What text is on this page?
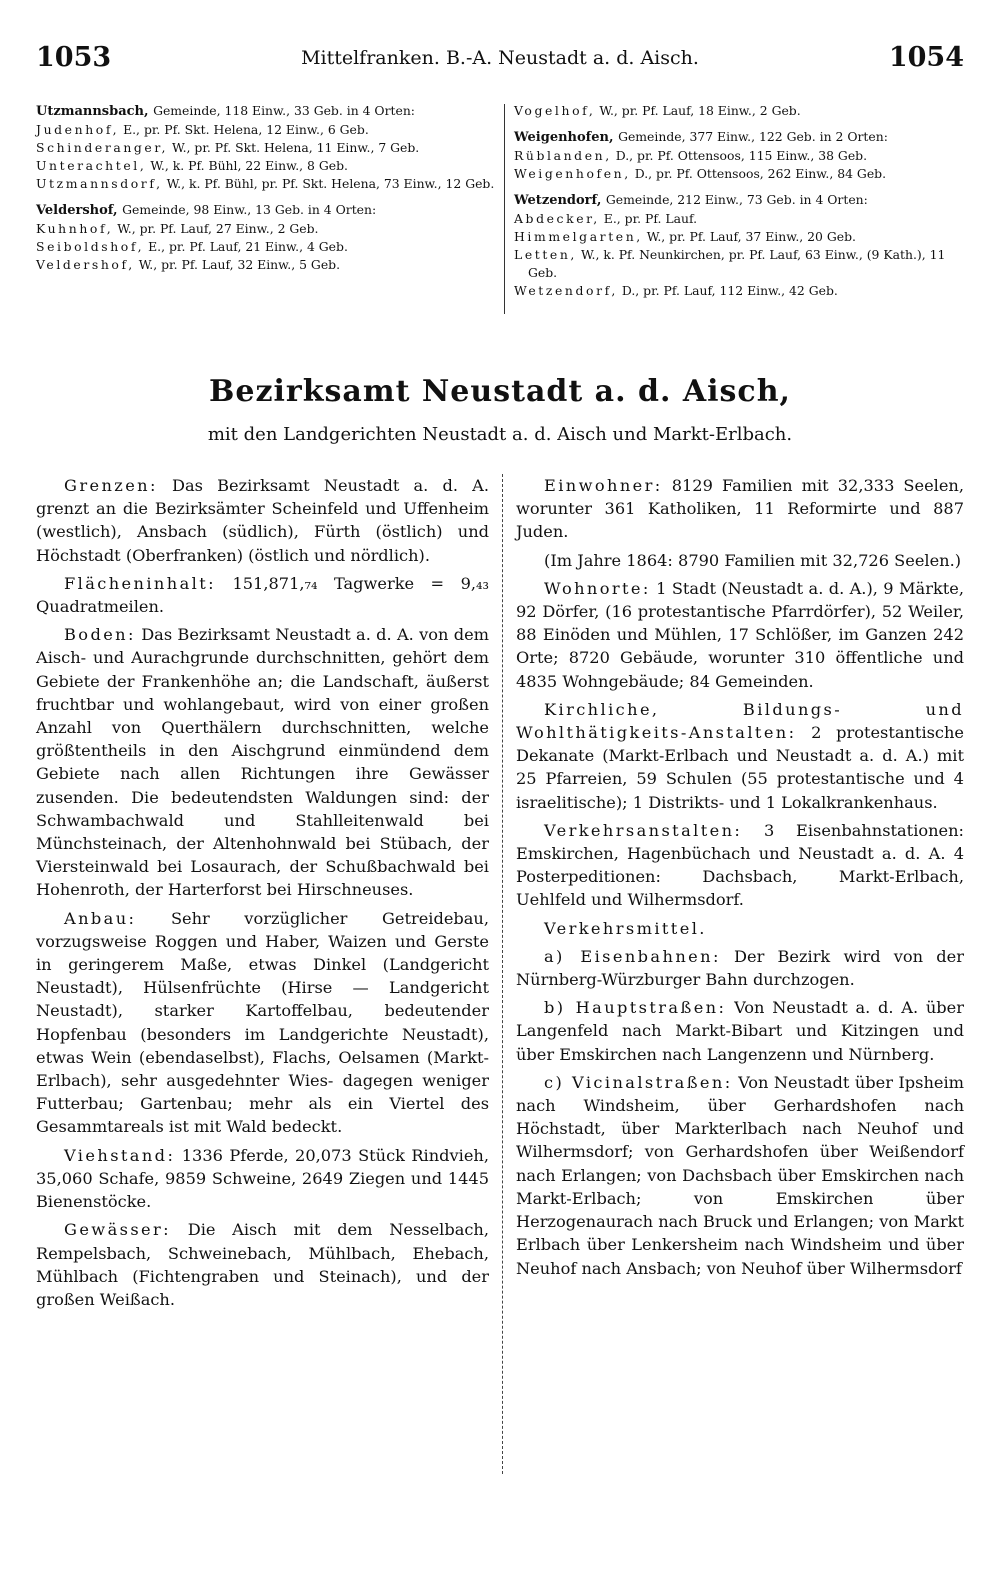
1053	Mittelfranken. B.-A. Neustadt a. d. Aisch.	1054
Utzmannsbach, Gemeinde, 118 Einw., 33 Geb. in 4 Orten:
Judenhof, E., pr. Pf. Skt. Helena, 12 Einw., 6 Geb.
Schinderanger, W., pr. Pf. Skt. Helena, 11 Einw., 7 Geb.
Unterachtel, W., k. Pf. Bühl, 22 Einw., 8 Geb.
Utzmannsdorf, W., k. Pf. Bühl, pr. Pf. Skt. Helena, 73 Einw., 12 Geb.
Veldershof, Gemeinde, 98 Einw., 13 Geb. in 4 Orten:
Kuhnhof, W., pr. Pf. Lauf, 27 Einw., 2 Geb.
Seiboldshof, E., pr. Pf. Lauf, 21 Einw., 4 Geb.
Veldershof, W., pr. Pf. Lauf, 32 Einw., 5 Geb.
Vogelhof, W., pr. Pf. Lauf, 18 Einw., 2 Geb.
Weigenhofen, Gemeinde, 377 Einw., 122 Geb. in 2 Orten:
Rüblanden, D., pr. Pf. Ottensoos, 115 Einw., 38 Geb.
Weigenhofen, D., pr. Pf. Ottensoos, 262 Einw., 84 Geb.
Wetzendorf, Gemeinde, 212 Einw., 73 Geb. in 4 Orten:
Abdecker, E., pr. Pf. Lauf.
Himmelgarten, W., pr. Pf. Lauf, 37 Einw., 20 Geb.
Letten, W., k. Pf. Neunkirchen, pr. Pf. Lauf, 63 Einw., (9 Kath.), 11 Geb.
Wetzendorf, D., pr. Pf. Lauf, 112 Einw., 42 Geb.
Bezirksamt Neustadt a. d. Aisch,
mit den Landgerichten Neustadt a. d. Aisch und Markt-Erlbach.

Grenzen: Das Bezirksamt Neustadt a. d. A. grenzt an die Bezirksämter Scheinfeld und Uffenheim (westlich), Ansbach (südlich), Fürth (östlich) und Höchstadt (Oberfranken) (östlich und nördlich).

Flächeninhalt: 151,871,₇₄ Tagwerke = 9,₄₃ Quadratmeilen.

Boden: Das Bezirksamt Neustadt a. d. A. von dem Aisch- und Aurachgrunde durchschnitten, gehört dem Gebiete der Frankenhöhe an; die Landschaft, äußerst fruchtbar und wohlangebaut, wird von einer großen Anzahl von Querthälern durchschnitten, welche größtentheils in den Aischgrund einmündend dem Gebiete nach allen Richtungen ihre Gewässer zusenden. Die bedeutendsten Waldungen sind: der Schwambachwald und Stahlleitenwald bei Münchsteinach, der Altenhohnwald bei Stübach, der Viersteinwald bei Losaurach, der Schußbachwald bei Hohenroth, der Harterforst bei Hirschneuses.

Anbau: Sehr vorzüglicher Getreidebau, vorzugsweise Roggen und Haber, Waizen und Gerste in geringerem Maße, etwas Dinkel (Landgericht Neustadt), Hülsenfrüchte (Hirse — Landgericht Neustadt), starker Kartoffelbau, bedeutender Hopfenbau (besonders im Landgerichte Neustadt), etwas Wein (ebendaselbst), Flachs, Oelsamen (Markt-Erlbach), sehr ausgedehnter Wies- dagegen weniger Futterbau; Gartenbau; mehr als ein Viertel des Gesammtareals ist mit Wald bedeckt.

Viehstand: 1336 Pferde, 20,073 Stück Rindvieh, 35,060 Schafe, 9859 Schweine, 2649 Ziegen und 1445 Bienenstöcke.

Gewässer: Die Aisch mit dem Nesselbach, Rempelsbach, Schweinebach, Mühlbach, Ehebach, Mühlbach (Fichtengraben und Steinach), und der großen Weißach.

Einwohner: 8129 Familien mit 32,333 Seelen, worunter 361 Katholiken, 11 Reformirte und 887 Juden.

(Im Jahre 1864: 8790 Familien mit 32,726 Seelen.)

Wohnorte: 1 Stadt (Neustadt a. d. A.), 9 Märkte, 92 Dörfer, (16 protestantische Pfarrdörfer), 52 Weiler, 88 Einöden und Mühlen, 17 Schlößer, im Ganzen 242 Orte; 8720 Gebäude, worunter 310 öffentliche und 4835 Wohngebäude; 84 Gemeinden.

Kirchliche, Bildungs- und Wohlthätigkeits-Anstalten: 2 protestantische Dekanate (Markt-Erlbach und Neustadt a. d. A.) mit 25 Pfarreien, 59 Schulen (55 protestantische und 4 israelitische); 1 Distrikts- und 1 Lokalkrankenhaus.

Verkehrsanstalten: 3 Eisenbahnstationen: Emskirchen, Hagenbüchach und Neustadt a. d. A. 4 Posterpeditionen: Dachsbach, Markt-Erlbach, Uehlfeld und Wilhermsdorf.

Verkehrsmittel.

a) Eisenbahnen: Der Bezirk wird von der Nürnberg-Würzburger Bahn durchzogen.

b) Hauptstraßen: Von Neustadt a. d. A. über Langenfeld nach Markt-Bibart und Kitzingen und über Emskirchen nach Langenzenn und Nürnberg.

c) Vicinalstraßen: Von Neustadt über Ipsheim nach Windsheim, über Gerhardshofen nach Höchstadt, über Markterlbach nach Neuhof und Wilhermsdorf; von Gerhardshofen über Weißendorf nach Erlangen; von Dachsbach über Emskirchen nach Markt-Erlbach; von Emskirchen über Herzogenaurach nach Bruck und Erlangen; von Markt Erlbach über Lenkersheim nach Windsheim und über Neuhof nach Ansbach; von Neuhof über Wilhermsdorf
